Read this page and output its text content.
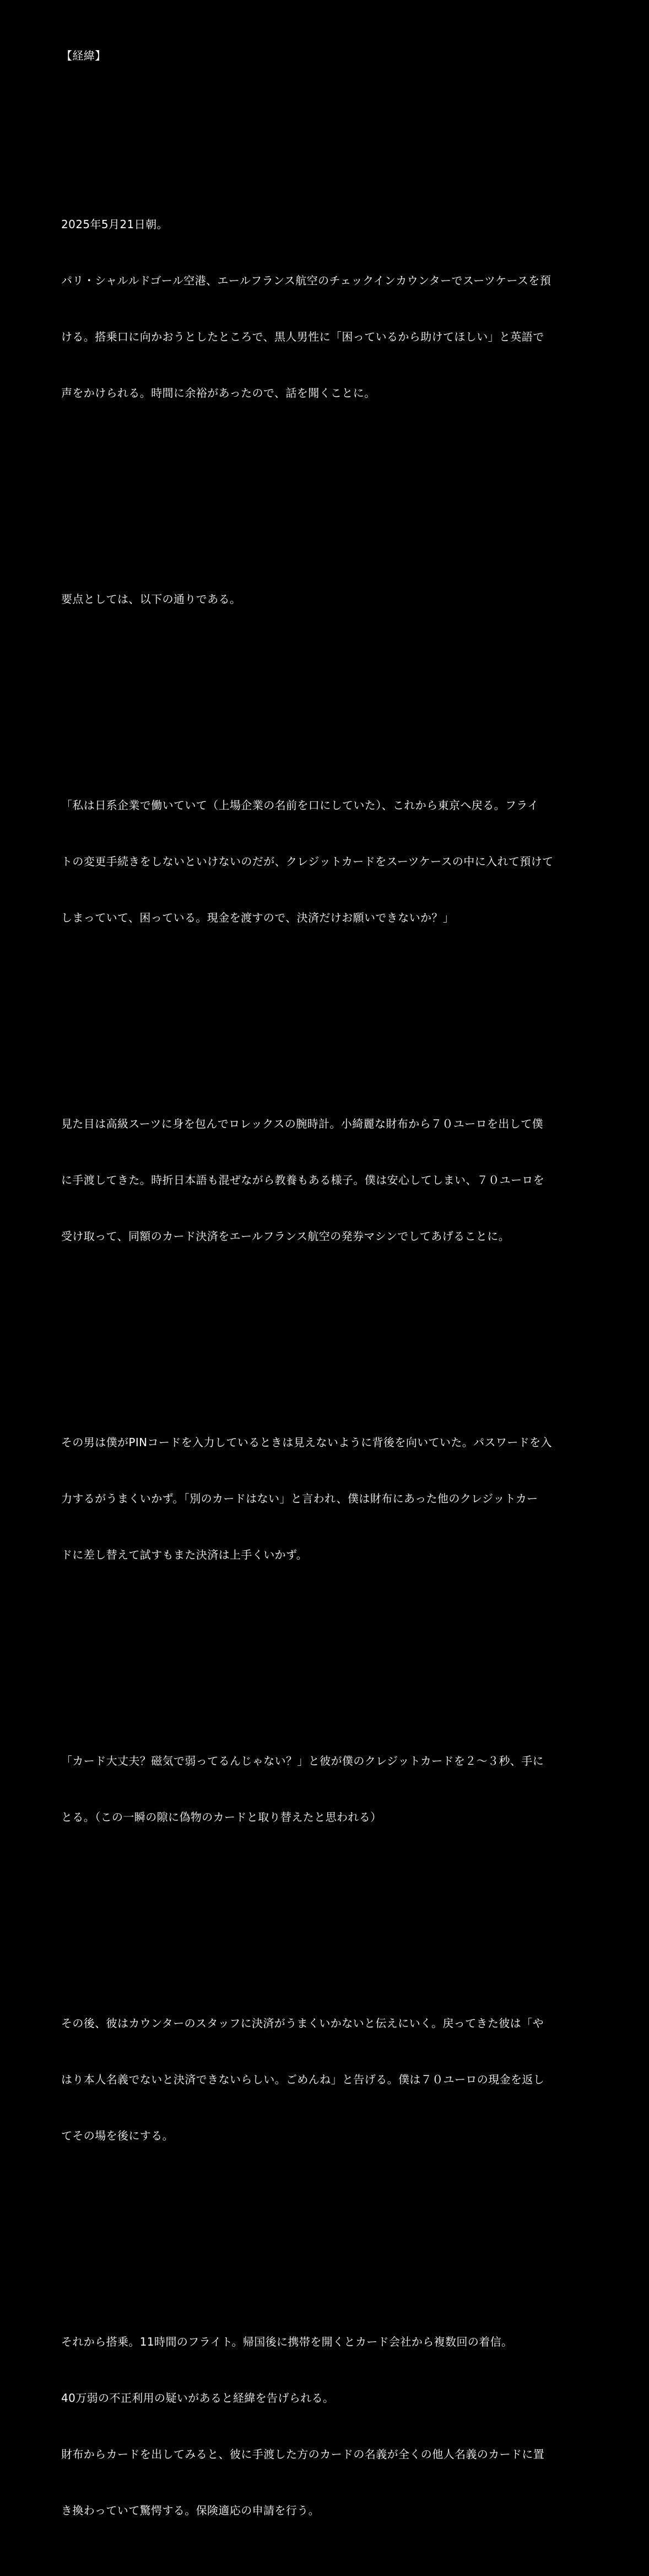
【経緯】

2025年5月21日朝。

パリ・シャルルドゴール空港、エールフランス航空のチェックインカウンターでスーツケースを預

ける。搭乗口に向かおうとしたところで、黒人男性に「困っているから助けてほしい」と英語で

声をかけられる。時間に余裕があったので、話を聞くことに。

要点としては、以下の通りである。

「私は日系企業で働いていて（上場企業の名前を口にしていた）、これから東京へ戻る。フライ

トの変更手続きをしないといけないのだが、クレジットカードをスーツケースの中に入れて預けて

しまっていて、困っている。現金を渡すので、決済だけお願いできないか？」

見た目は高級スーツに身を包んでロレックスの腕時計。小綺麗な財布から７０ユーロを出して僕

に手渡してきた。時折日本語も混ぜながら教養もある様子。僕は安心してしまい、７０ユーロを

受け取って、同額のカード決済をエールフランス航空の発券マシンでしてあげることに。

その男は僕がPINコードを入力しているときは見えないように背後を向いていた。パスワードを入

力するがうまくいかず。「別のカードはない」と言われ、僕は財布にあった他のクレジットカー

ドに差し替えて試すもまた決済は上手くいかず。

「カード大丈夫？磁気で弱ってるんじゃない？」と彼が僕のクレジットカードを２〜３秒、手に

とる。（この一瞬の隙に偽物のカードと取り替えたと思われる）

その後、彼はカウンターのスタッフに決済がうまくいかないと伝えにいく。戻ってきた彼は「や

はり本人名義でないと決済できないらしい。ごめんね」と告げる。僕は７０ユーロの現金を返し

てその場を後にする。

それから搭乗。11時間のフライト。帰国後に携帯を開くとカード会社から複数回の着信。

40万弱の不正利用の疑いがあると経緯を告げられる。

財布からカードを出してみると、彼に手渡した方のカードの名義が全くの他人名義のカードに置

き換わっていて驚愕する。保険適応の申請を行う。
